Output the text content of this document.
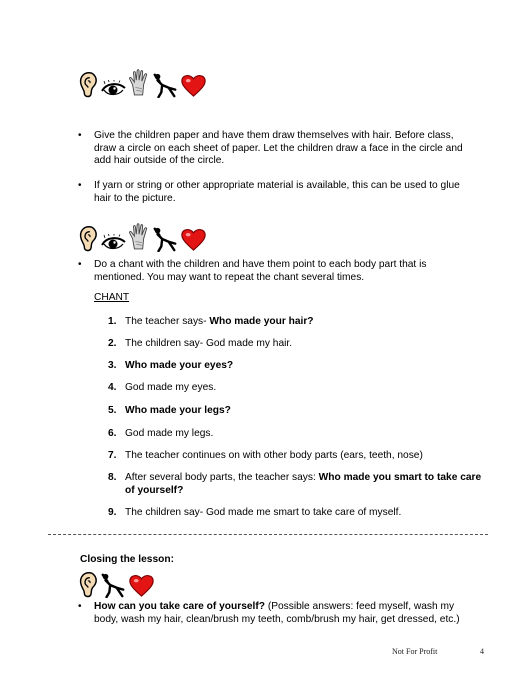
• Give the children paper and have them draw themselves with hair. Before class, draw a circle on each sheet of paper. Let the children draw a face in the circle and add hair outside of the circle.
• If yarn or string or other appropriate material is available, this can be used to glue hair to the picture.
• Do a chant with the children and have them point to each body part that is mentioned. You may want to repeat the chant several times.
CHANT
1. The teacher says- Who made your hair?
2. The children say- God made my hair.
3. Who made your eyes?
4. God made my eyes.
5. Who made your legs?
6. God made my legs.
7. The teacher continues on with other body parts (ears, teeth, nose)
8. After several body parts, the teacher says: Who made you smart to take care of yourself?
9. The children say- God made me smart to take care of myself.
Closing the lesson:
• How can you take care of yourself? (Possible answers: feed myself, wash my body, wash my hair, clean/brush my teeth, comb/brush my hair, get dressed, etc.)
Not For Profit	4
